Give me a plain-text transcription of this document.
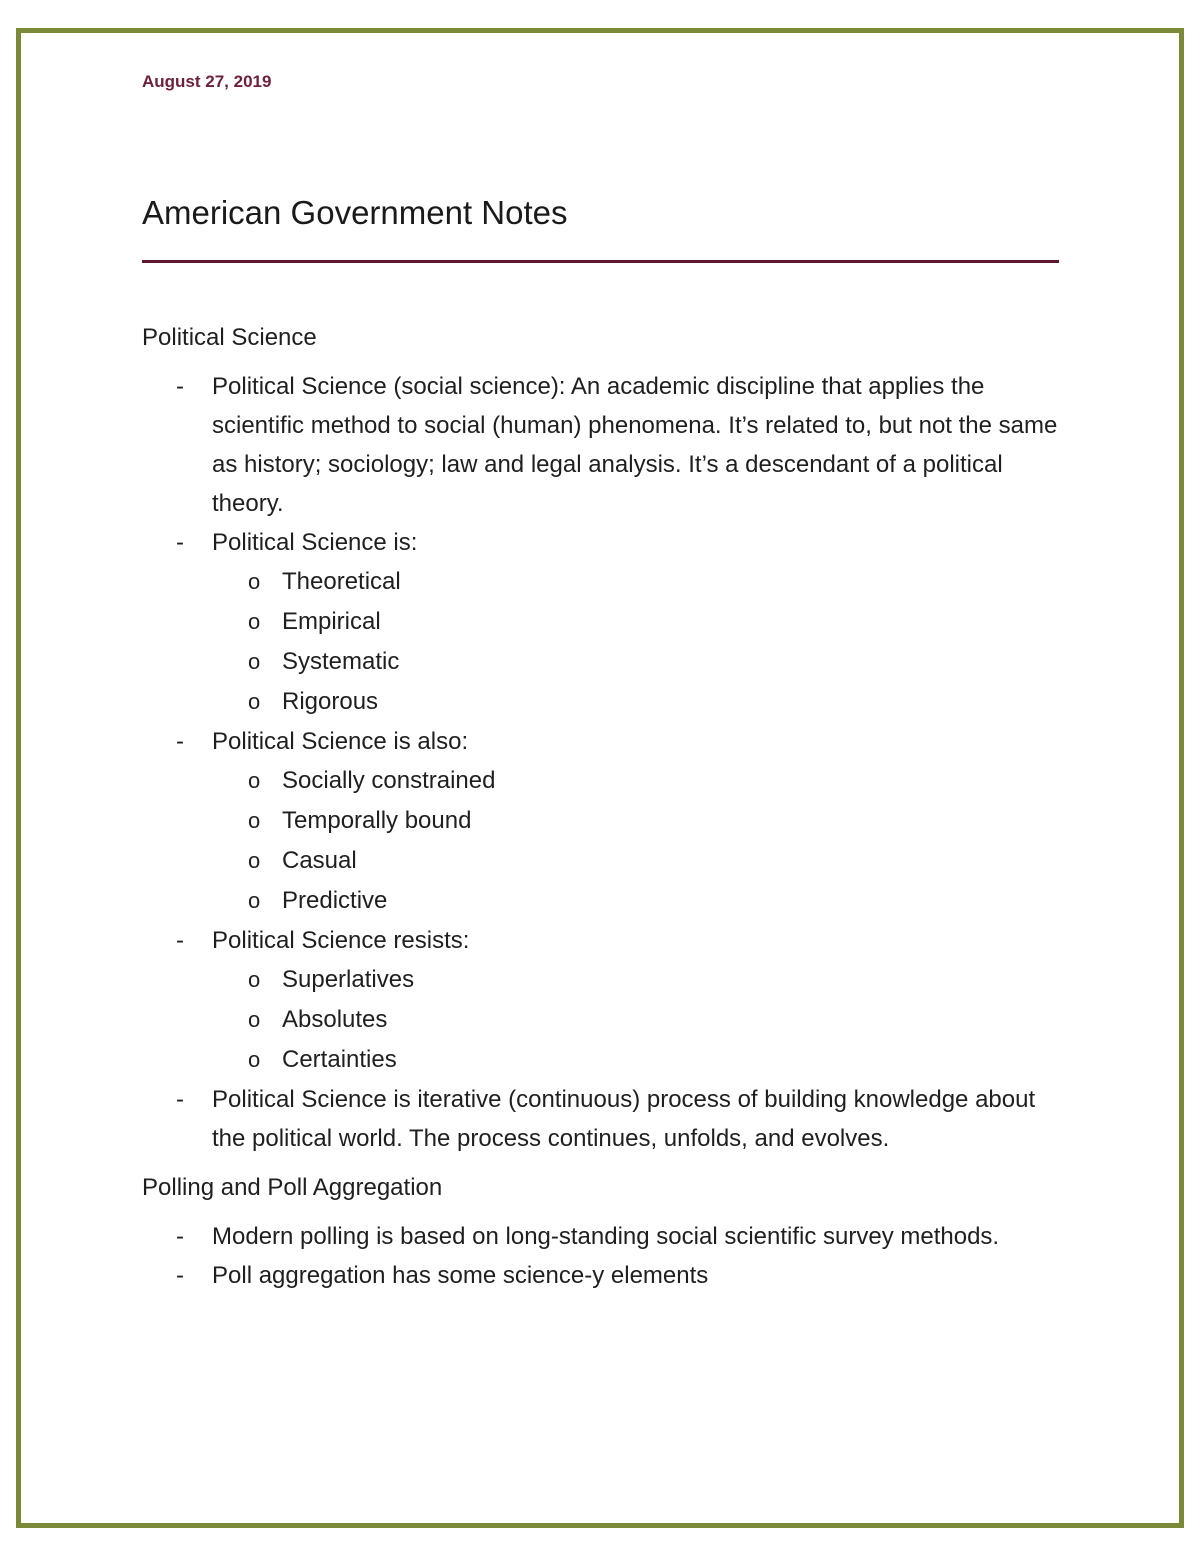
August 27, 2019
American Government Notes
Political Science
- Political Science (social science): An academic discipline that applies the scientific method to social (human) phenomena. It’s related to, but not the same as history; sociology; law and legal analysis. It’s a descendant of a political theory.
- Political Science is:
o Theoretical
o Empirical
o Systematic
o Rigorous
- Political Science is also:
o Socially constrained
o Temporally bound
o Casual
o Predictive
- Political Science resists:
o Superlatives
o Absolutes
o Certainties
- Political Science is iterative (continuous) process of building knowledge about the political world. The process continues, unfolds, and evolves.
Polling and Poll Aggregation
- Modern polling is based on long-standing social scientific survey methods.
- Poll aggregation has some science-y elements
